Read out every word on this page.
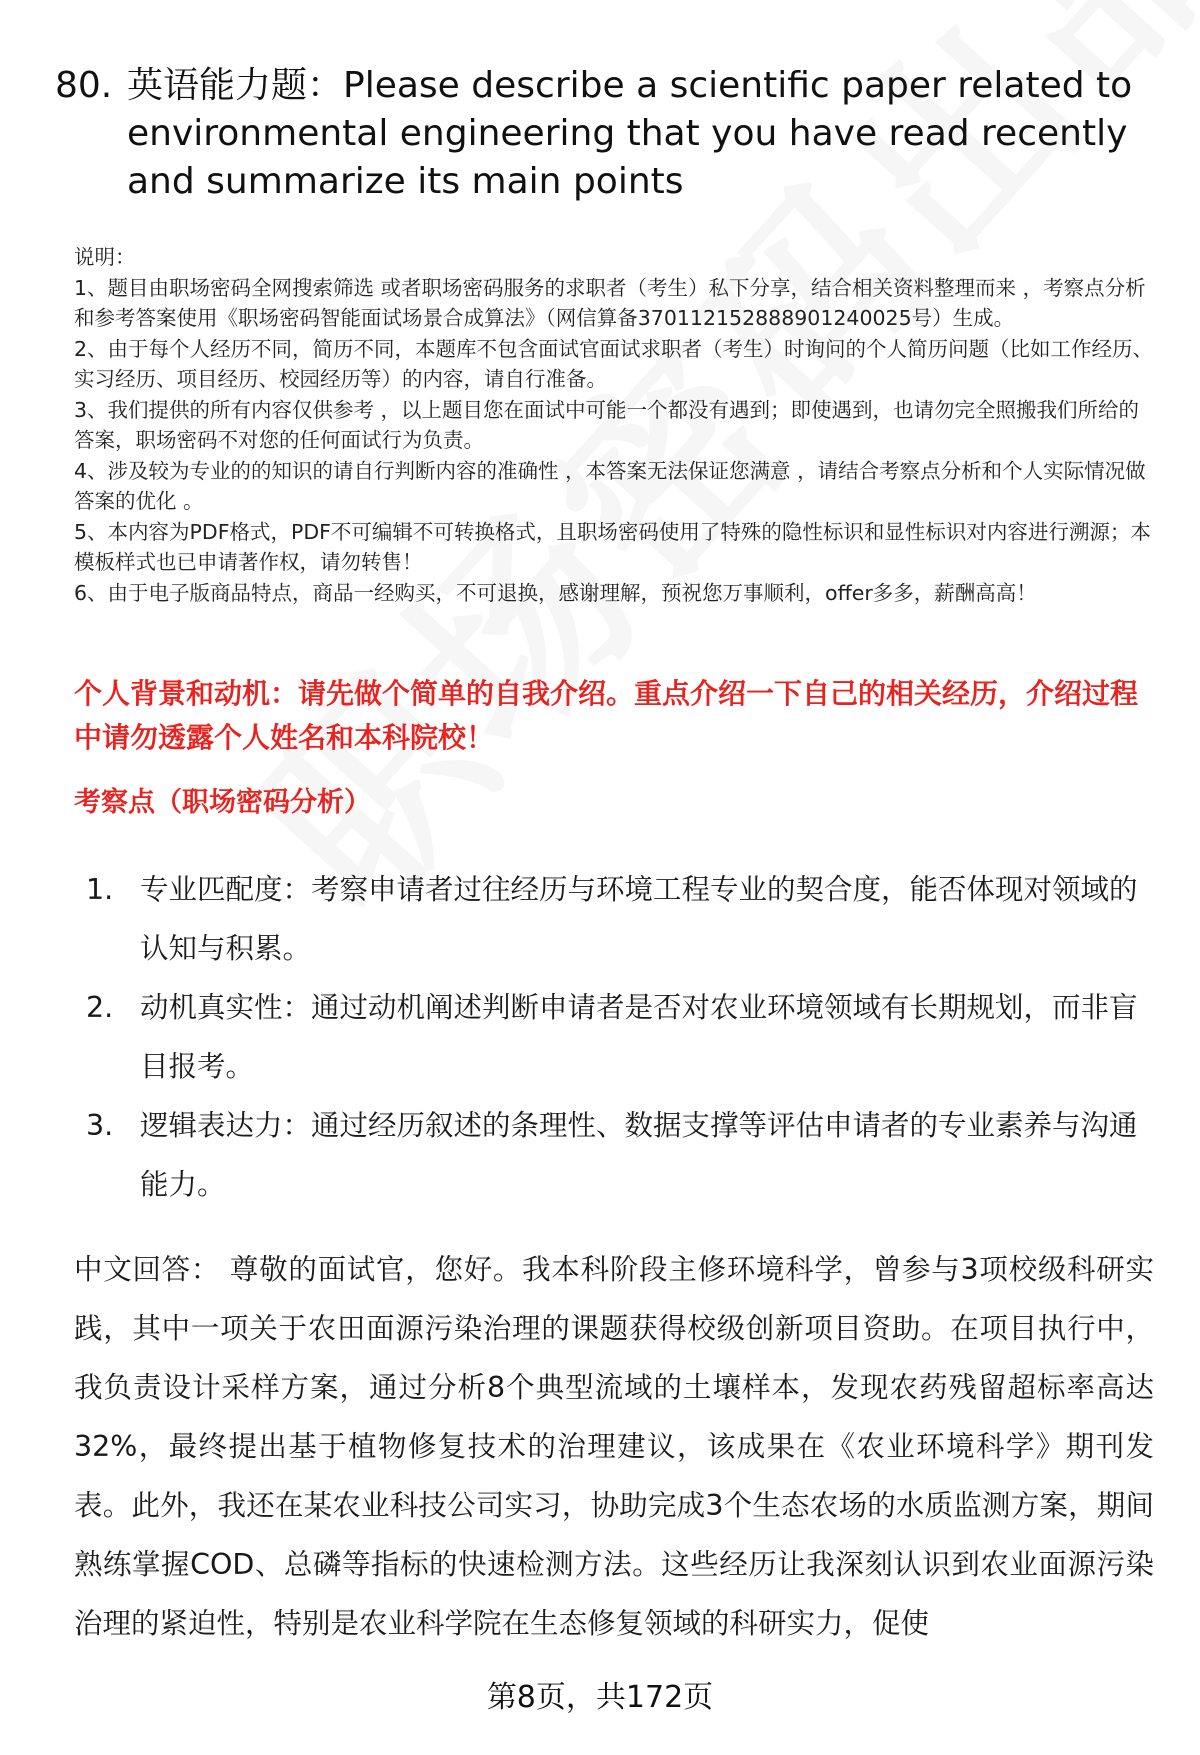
80. 英语能力题：Please describe a scientific paper related to environmental engineering that you have read recently and summarize its main points

说明：

1、题目由职场密码全网搜索筛选 或者职场密码服务的求职者（考生）私下分享，结合相关资料整理而来 ，考察点分析和参考答案使用《职场密码智能面试场景合成算法》（网信算备370112152888901240025号）生成。

2、由于每个人经历不同，简历不同，本题库不包含面试官面试求职者（考生）时询问的个人简历问题（比如工作经历、实习经历、项目经历、校园经历等）的内容，请自行准备。

3、我们提供的所有内容仅供参考 ，以上题目您在面试中可能一个都没有遇到；即使遇到，也请勿完全照搬我们所给的答案，职场密码不对您的任何面试行为负责。

4、涉及较为专业的的知识的请自行判断内容的准确性 ，本答案无法保证您满意 ，请结合考察点分析和个人实际情况做答案的优化 。

5、本内容为PDF格式，PDF不可编辑不可转换格式，且职场密码使用了特殊的隐性标识和显性标识对内容进行溯源；本模板样式也已申请著作权，请勿转售！

6、由于电子版商品特点，商品一经购买，不可退换，感谢理解，预祝您万事顺利，offer多多，薪酬高高！

个人背景和动机：请先做个简单的自我介绍。重点介绍一下自己的相关经历，介绍过程中请勿透露个人姓名和本科院校！
考察点（职场密码分析）
1. 专业匹配度：考察申请者过往经历与环境工程专业的契合度，能否体现对领域的认知与积累。
2. 动机真实性：通过动机阐述判断申请者是否对农业环境领域有长期规划，而非盲目报考。
3. 逻辑表达力：通过经历叙述的条理性、数据支撑等评估申请者的专业素养与沟通能力。
中文回答： 尊敬的面试官，您好。我本科阶段主修环境科学，曾参与3项校级科研实践，其中一项关于农田面源污染治理的课题获得校级创新项目资助。在项目执行中，我负责设计采样方案，通过分析8个典型流域的土壤样本，发现农药残留超标率高达32%，最终提出基于植物修复技术的治理建议，该成果在《农业环境科学》期刊发表。此外，我还在某农业科技公司实习，协助完成3个生态农场的水质监测方案，期间熟练掌握COD、总磷等指标的快速检测方法。这些经历让我深刻认识到农业面源污染治理的紧迫性，特别是农业科学院在生态修复领域的科研实力，促使
第8页，共172页
